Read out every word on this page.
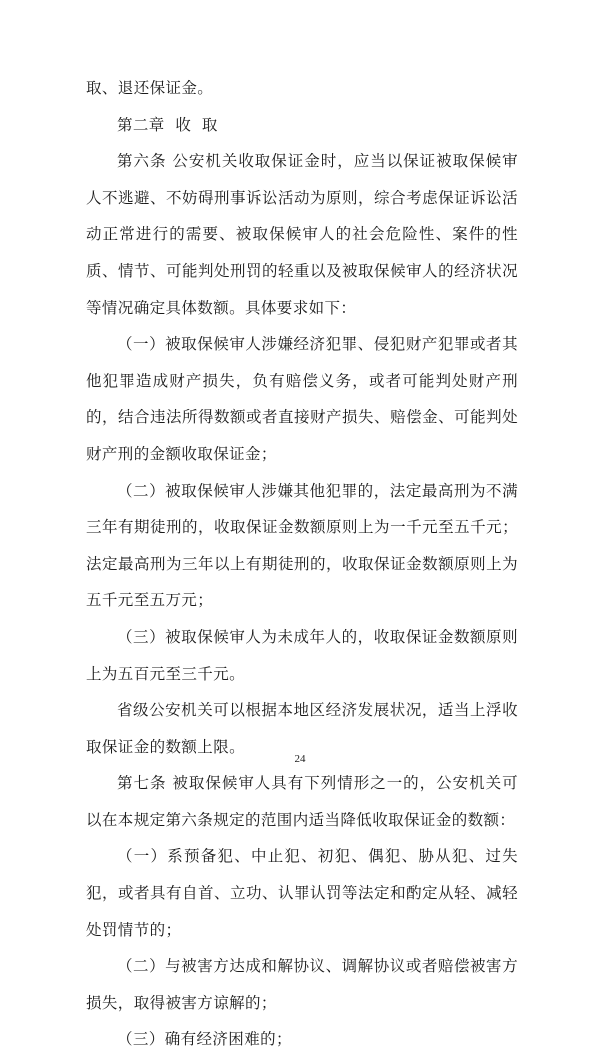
取、退还保证金。

第二章  收  取

第六条 公安机关收取保证金时，应当以保证被取保候审人不逃避、不妨碍刑事诉讼活动为原则，综合考虑保证诉讼活动正常进行的需要、被取保候审人的社会危险性、案件的性质、情节、可能判处刑罚的轻重以及被取保候审人的经济状况等情况确定具体数额。具体要求如下：

（一）被取保候审人涉嫌经济犯罪、侵犯财产犯罪或者其他犯罪造成财产损失，负有赔偿义务，或者可能判处财产刑的，结合违法所得数额或者直接财产损失、赔偿金、可能判处财产刑的金额收取保证金；

（二）被取保候审人涉嫌其他犯罪的，法定最高刑为不满三年有期徒刑的，收取保证金数额原则上为一千元至五千元；法定最高刑为三年以上有期徒刑的，收取保证金数额原则上为五千元至五万元；

（三）被取保候审人为未成年人的，收取保证金数额原则上为五百元至三千元。

省级公安机关可以根据本地区经济发展状况，适当上浮收取保证金的数额上限。

第七条 被取保候审人具有下列情形之一的，公安机关可以在本规定第六条规定的范围内适当降低收取保证金的数额：

（一）系预备犯、中止犯、初犯、偶犯、胁从犯、过失犯，或者具有自首、立功、认罪认罚等法定和酌定从轻、减轻处罚情节的；

（二）与被害方达成和解协议、调解协议或者赔偿被害方损失，取得被害方谅解的；

（三）确有经济困难的；

24
